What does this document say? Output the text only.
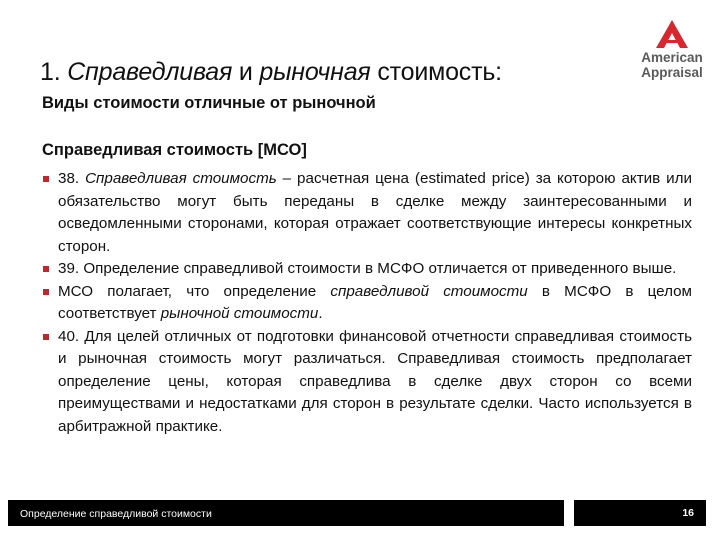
1. Справедливая и рыночная стоимость:
Виды стоимости отличные от рыночной
American
Appraisal
Справедливая стоимость [МСО]
38. Справедливая стоимость – расчетная цена (estimated price) за которою актив или обязательство могут быть переданы в сделке между заинтересованными и осведомленными сторонами, которая отражает соответствующие интересы конкретных сторон.
39. Определение справедливой стоимости в МСФО отличается от приведенного выше.
МСО полагает, что определение справедливой стоимости в МСФО в целом соответствует рыночной стоимости.
40. Для целей отличных от подготовки финансовой отчетности справедливая стоимость и рыночная стоимость могут различаться. Справедливая стоимость предполагает определение цены, которая справедлива в сделке двух сторон со всеми преимуществами и недостатками для сторон в результате сделки. Часто используется в арбитражной практике.
Определение справедливой стоимости	16
